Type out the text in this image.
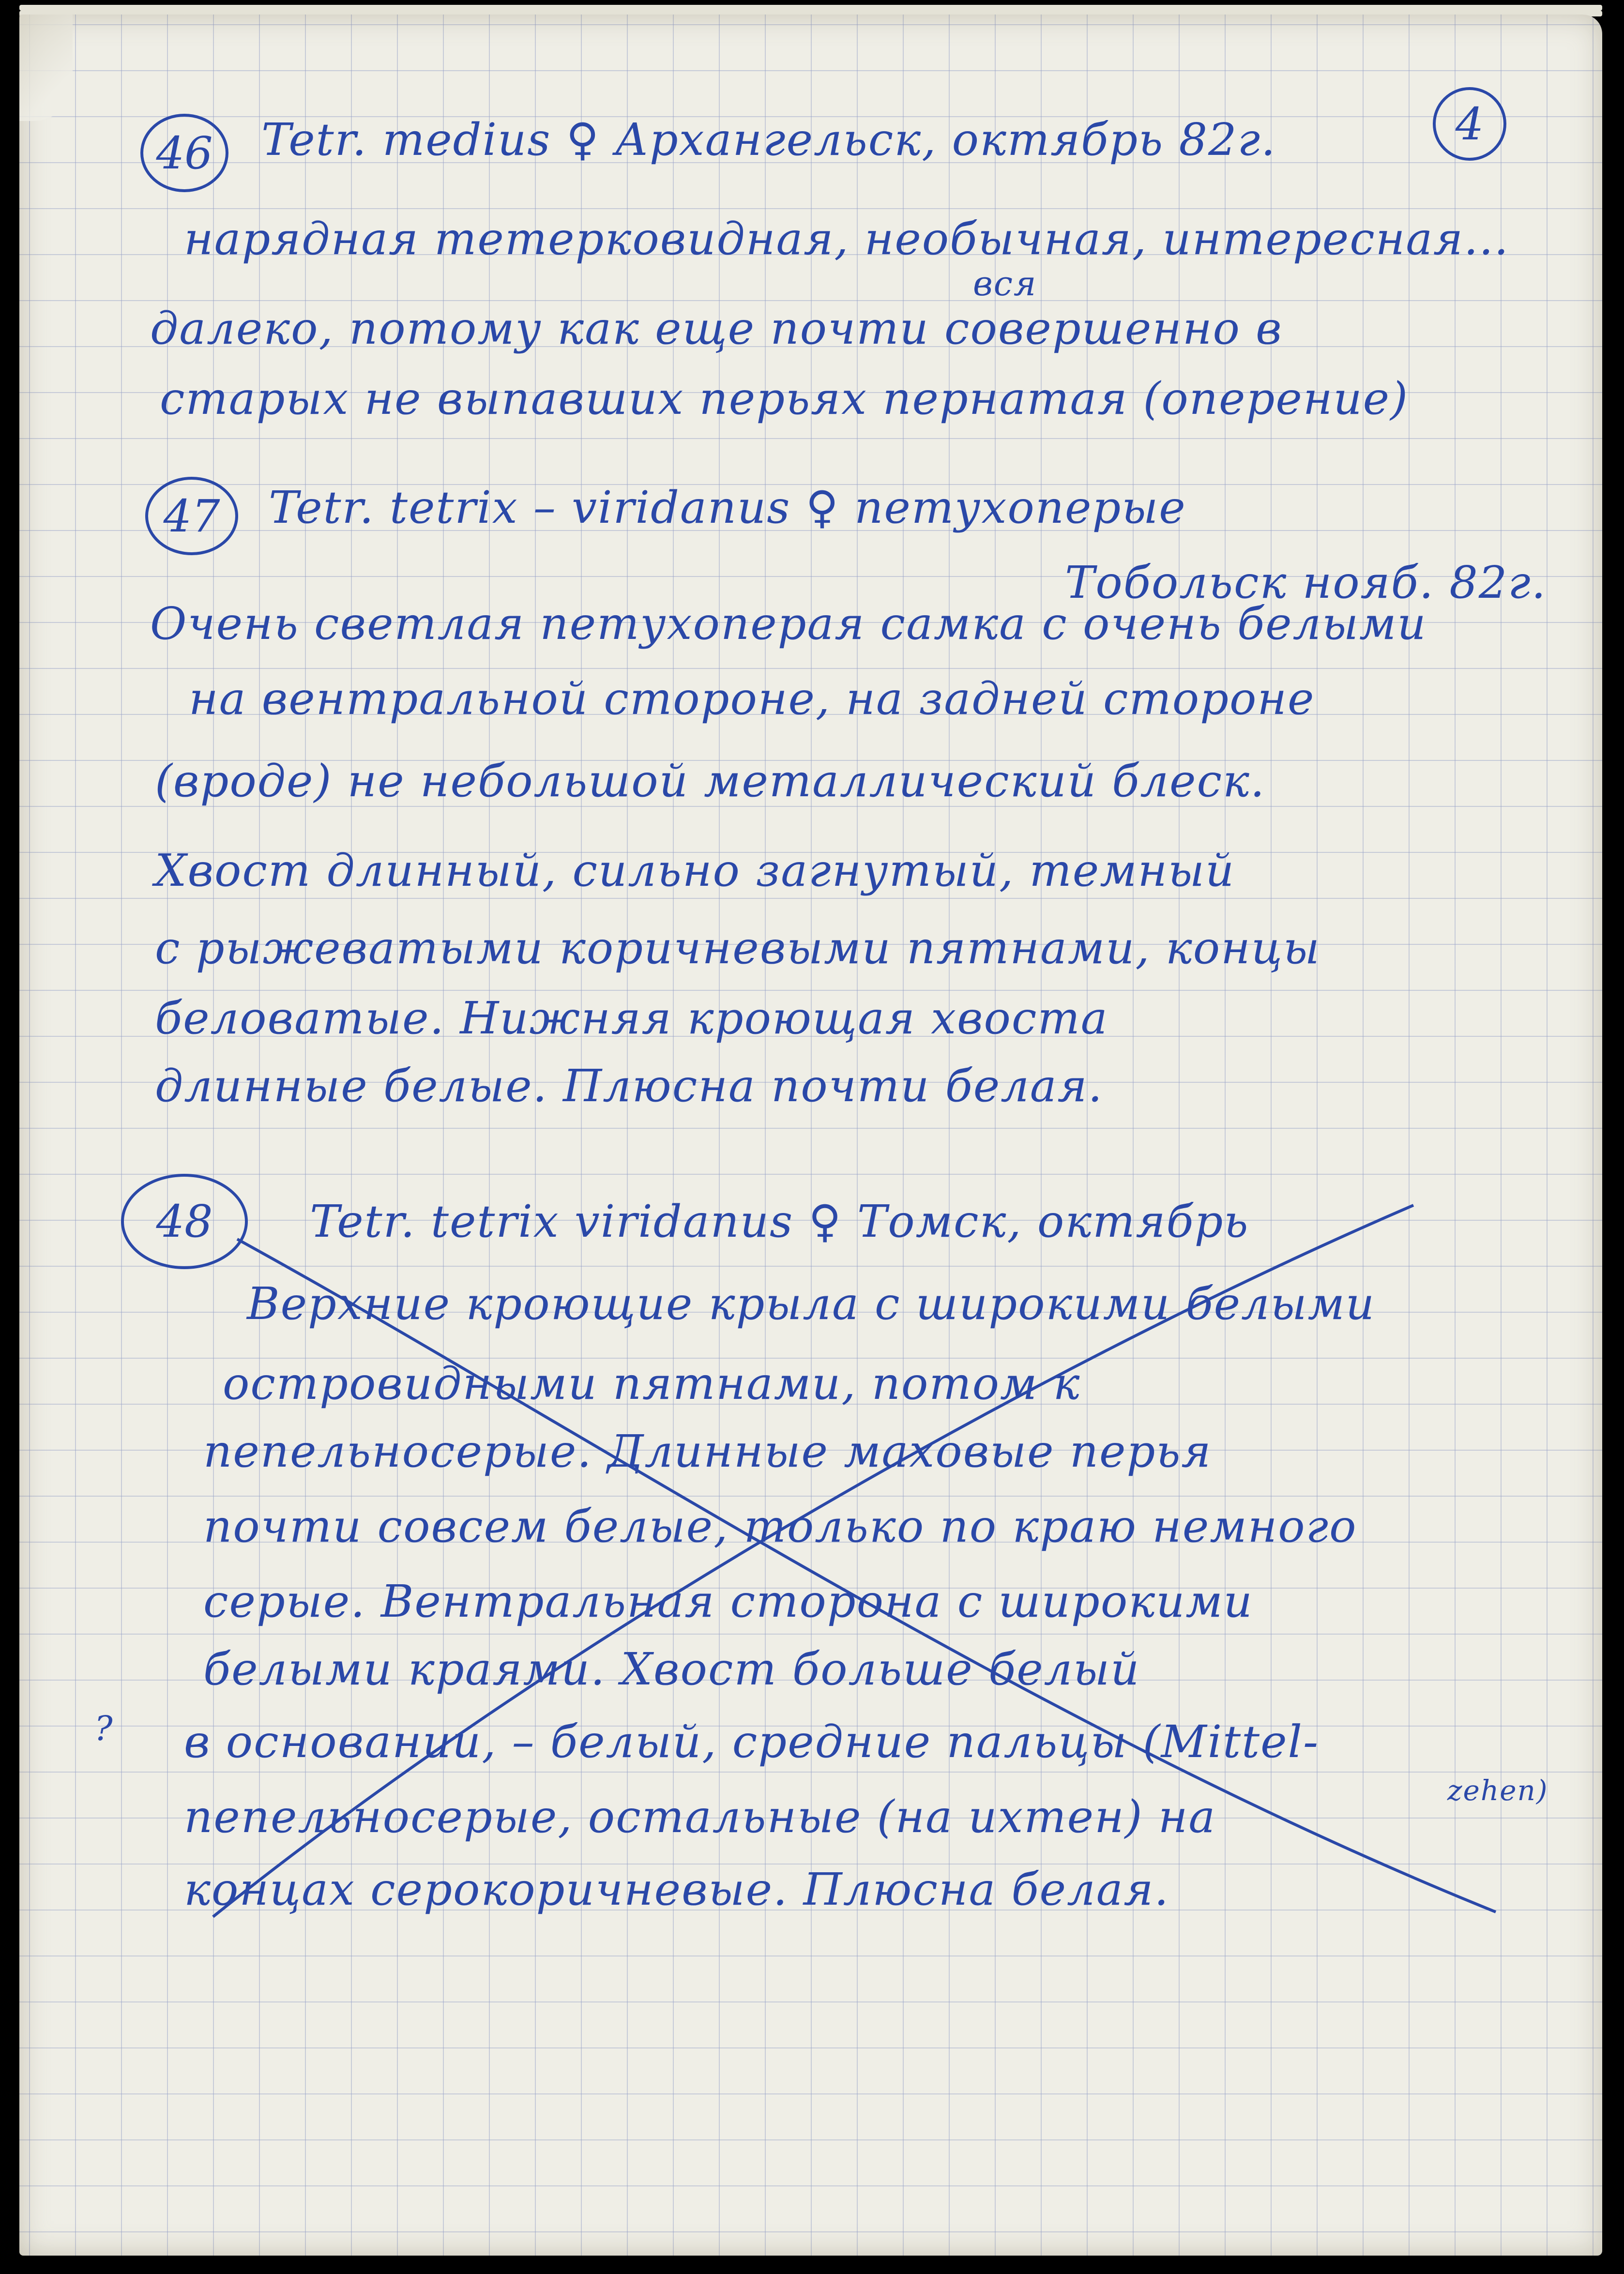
4
46 Tetr. medius ♀ Архангельск, октябрь 82г.
вся
нарядная тетерковидная, необычная, интересная...
далеко, потому как еще почти совершенно в
старых не выпавших перьях пернатая (оперение)
47 Tetr. tetrix – viridanus ♀ петухоперые
Тобольск нояб. 82г.
Очень светлая петухоперая самка с очень белыми
на вентральной стороне, на задней стороне
(вроде) не небольшой металлический блеск.
Хвост длинный, сильно загнутый, темный
с рыжеватыми коричневыми пятнами, концы
беловатые. Нижняя кроющая хвоста
длинные белые. Плюсна почти белая.
48 Tetr. tetrix viridanus ♀ Томск, октябрь
Верхние кроющие крыла с широкими белыми
островидными пятнами, потом к
пепельносерые. Длинные маховые перья
почти совсем белые, только по краю немного
серые. Вентральная сторона с широкими
белыми краями. Хвост больше белый
в основании, – белый, средние пальцы (Mittel-
zehen)
пепельносерые, остальные (на ихтен) на
концах серокоричневые. Плюсна белая.
?
